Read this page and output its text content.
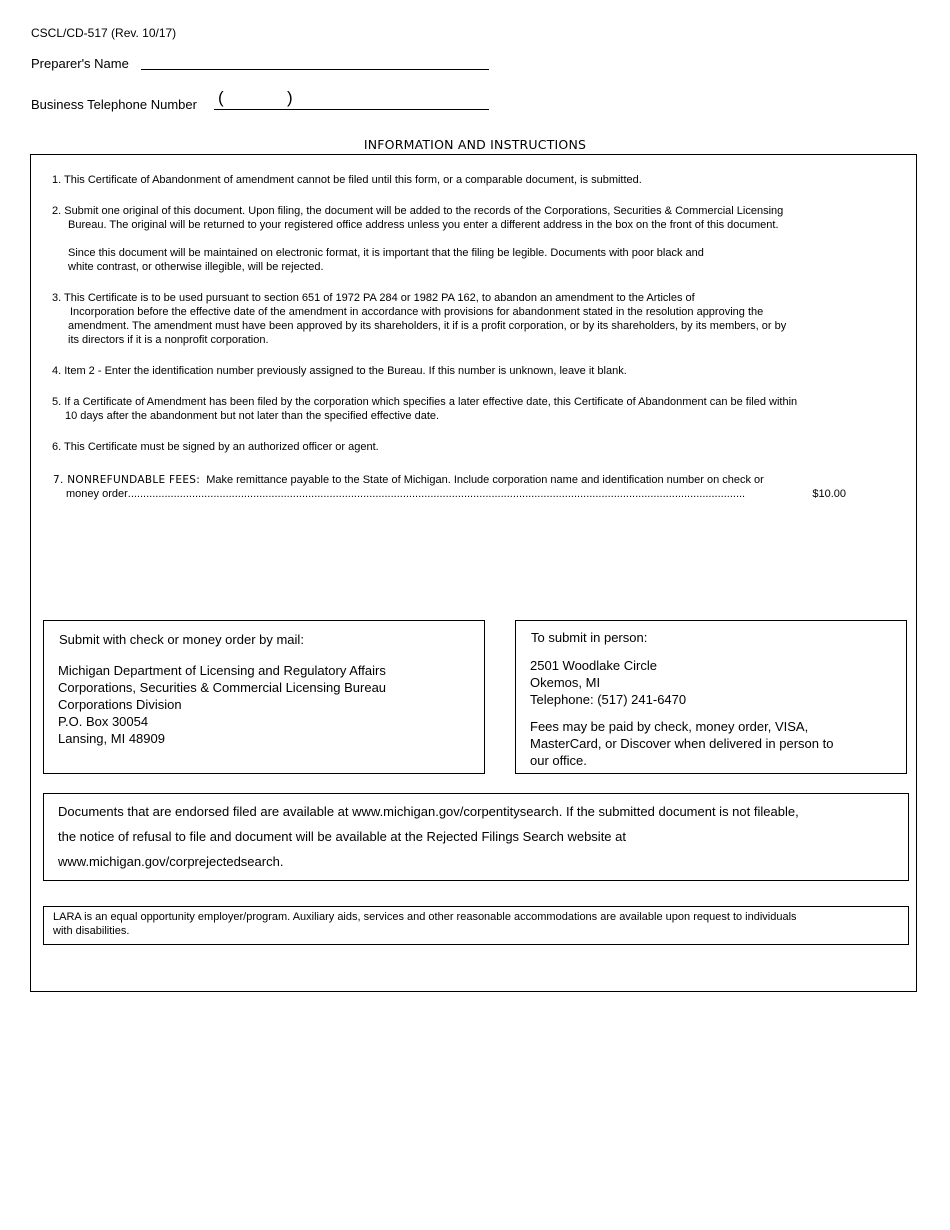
CSCL/CD-517 (Rev. 10/17)
Preparer's Name
Business Telephone Number (	)
INFORMATION AND INSTRUCTIONS

1. This Certificate of Abandonment of amendment cannot be filed until this form, or a comparable document, is submitted.

2. Submit one original of this document. Upon filing, the document will be added to the records of the Corporations, Securities & Commercial Licensing

Bureau. The original will be returned to your registered office address unless you enter a different address in the box on the front of this document.

Since this document will be maintained on electronic format, it is important that the filing be legible. Documents with poor black and

white contrast, or otherwise illegible, will be rejected.

3. This Certificate is to be used pursuant to section 651 of 1972 PA 284 or 1982 PA 162, to abandon an amendment to the Articles of

Incorporation before the effective date of the amendment in accordance with provisions for abandonment stated in the resolution approving the

amendment. The amendment must have been approved by its shareholders, it if is a profit corporation, or by its shareholders, by its members, or by

its directors if it is a nonprofit corporation.

4. Item 2 - Enter the identification number previously assigned to the Bureau. If this number is unknown, leave it blank.

5. If a Certificate of Amendment has been filed by the corporation which specifies a later effective date, this Certificate of Abandonment can be filed within

10 days after the abandonment but not later than the specified effective date.

6. This Certificate must be signed by an authorized officer or agent.

7. NONREFUNDABLE FEES: Make remittance payable to the State of Michigan. Include corporation name and identification number on check or

money order ..........................................................................................................................................................................................................	$10.00
Submit with check or money order by mail:

Michigan Department of Licensing and Regulatory Affairs

Corporations, Securities & Commercial Licensing Bureau

Corporations Division

P.O. Box 30054

Lansing, MI 48909

To submit in person:

2501 Woodlake Circle

Okemos, MI

Telephone: (517) 241-6470

Fees may be paid by check, money order, VISA,

MasterCard, or Discover when delivered in person to

our office.

Documents that are endorsed filed are available at www.michigan.gov/corpentitysearch. If the submitted document is not fileable,

the notice of refusal to file and document will be available at the Rejected Filings Search website at

www.michigan.gov/corprejectedsearch.

LARA is an equal opportunity employer/program. Auxiliary aids, services and other reasonable accommodations are available upon request to individuals

with disabilities.
